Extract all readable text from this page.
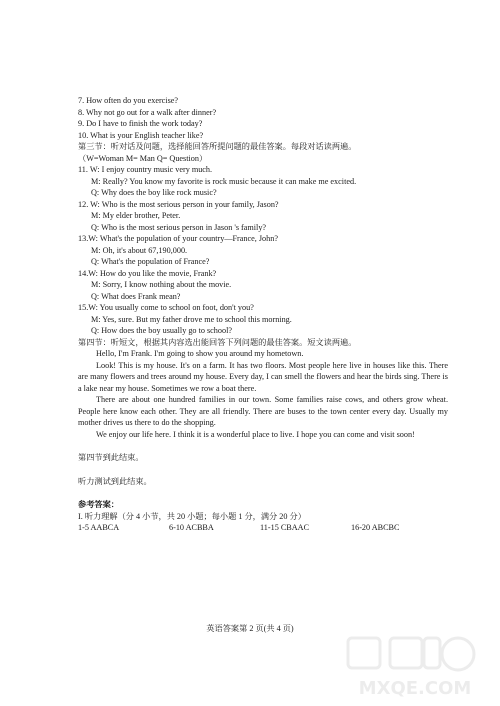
7. How often do you exercise?
8. Why not go out for a walk after dinner?
9. Do I have to finish the work today?
10. What is your English teacher like?
第三节：听对话及问题，选择能回答所提问题的最佳答案。每段对话读两遍。
（W=Woman M= Man Q= Question）
11. W: I enjoy country music very much.
M: Really? You know my favorite is rock music because it can make me excited.
Q: Why does the boy like rock music?
12. W: Who is the most serious person in your family, Jason?
M: My elder brother, Peter.
Q: Who is the most serious person in Jason 's family?
13.W: What's the population of your country—France, John?
M: Oh, it's about 67,190,000.
Q: What's the population of France?
14.W: How do you like the movie, Frank?
M: Sorry, I know nothing about the movie.
Q: What does Frank mean?
15.W: You usually come to school on foot, don't you?
M: Yes, sure. But my father drove me to school this morning.
Q: How does the boy usually go to school?
第四节：听短文，根据其内容选出能回答下列问题的最佳答案。短文读两遍。
Hello, I'm Frank. I'm going to show you around my hometown.
Look! This is my house. It's on a farm. It has two floors. Most people here live in houses like this. There are many flowers and trees around my house. Every day, I can smell the flowers and hear the birds sing. There is a lake near my house. Sometimes we row a boat there.
There are about one hundred families in our town. Some families raise cows, and others grow wheat. People here know each other. They are all friendly. There are buses to the town center every day. Usually my mother drives us there to do the shopping.
We enjoy our life here. I think it is a wonderful place to live. I hope you can come and visit soon!
第四节到此结束。
听力测试到此结束。
参考答案：
I. 听力理解（分 4 小节，共 20 小题；每小题 1 分，满分 20 分）
1-5 AABCA	6-10 ACBBA	11-15 CBAAC	16-20 ABCBC
英语答案第 2 页(共 4 页)
MXQE.COM
